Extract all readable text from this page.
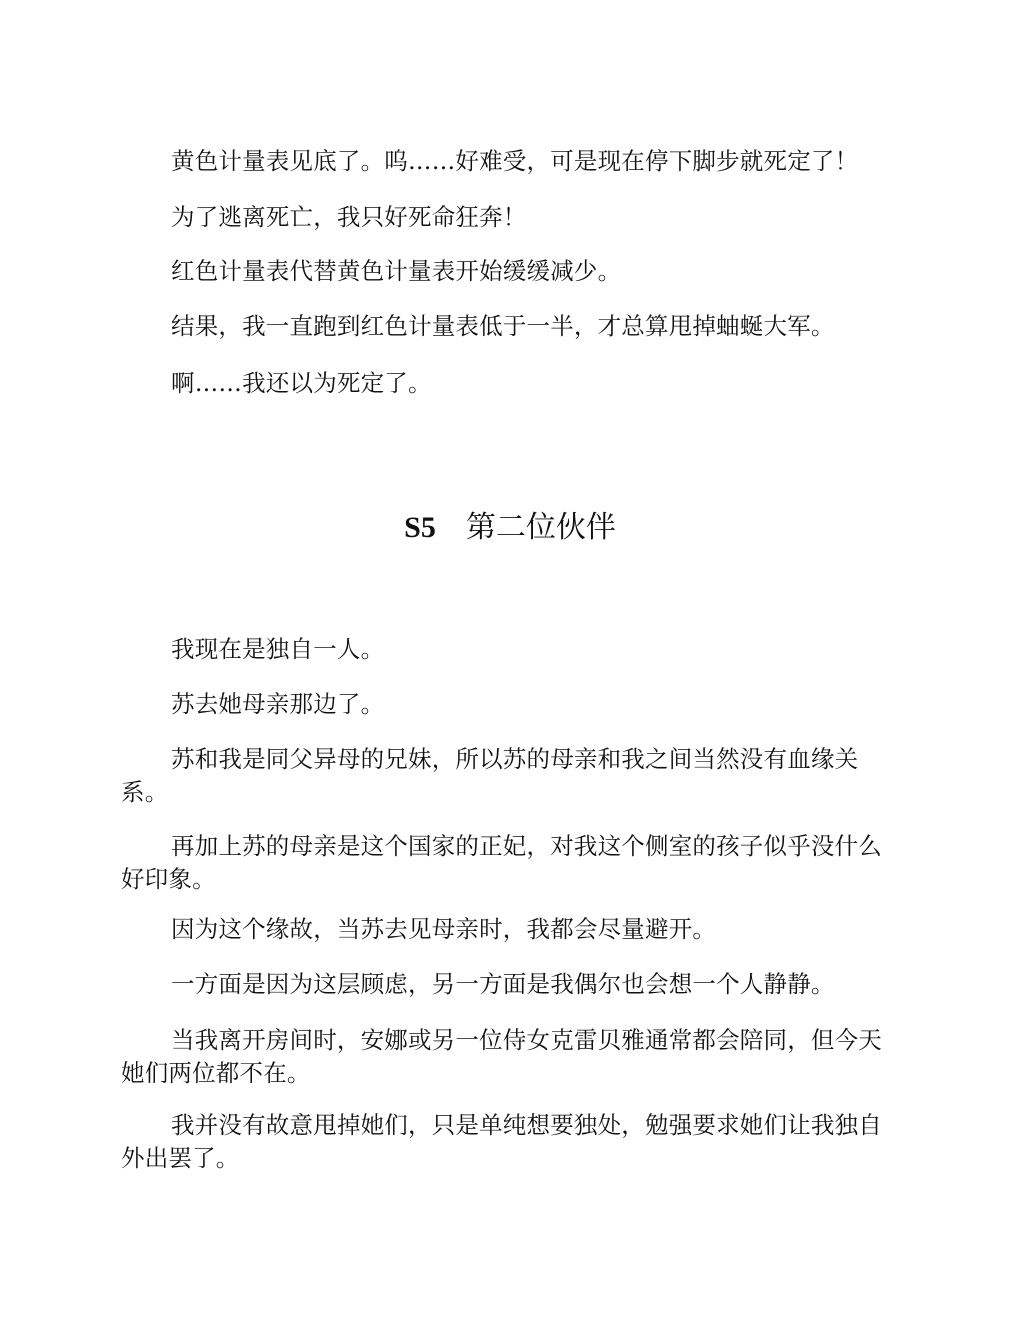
黄色计量表见底了。呜……好难受，可是现在停下脚步就死定了！

为了逃离死亡，我只好死命狂奔！

红色计量表代替黄色计量表开始缓缓减少。

结果，我一直跑到红色计量表低于一半，才总算甩掉蚰蜒大军。

啊……我还以为死定了。

S5 第二位伙伴

我现在是独自一人。

苏去她母亲那边了。

苏和我是同父异母的兄妹，所以苏的母亲和我之间当然没有血缘关系。

再加上苏的母亲是这个国家的正妃，对我这个侧室的孩子似乎没什么好印象。

因为这个缘故，当苏去见母亲时，我都会尽量避开。

一方面是因为这层顾虑，另一方面是我偶尔也会想一个人静静。

当我离开房间时，安娜或另一位侍女克雷贝雅通常都会陪同，但今天她们两位都不在。

我并没有故意甩掉她们，只是单纯想要独处，勉强要求她们让我独自外出罢了。
